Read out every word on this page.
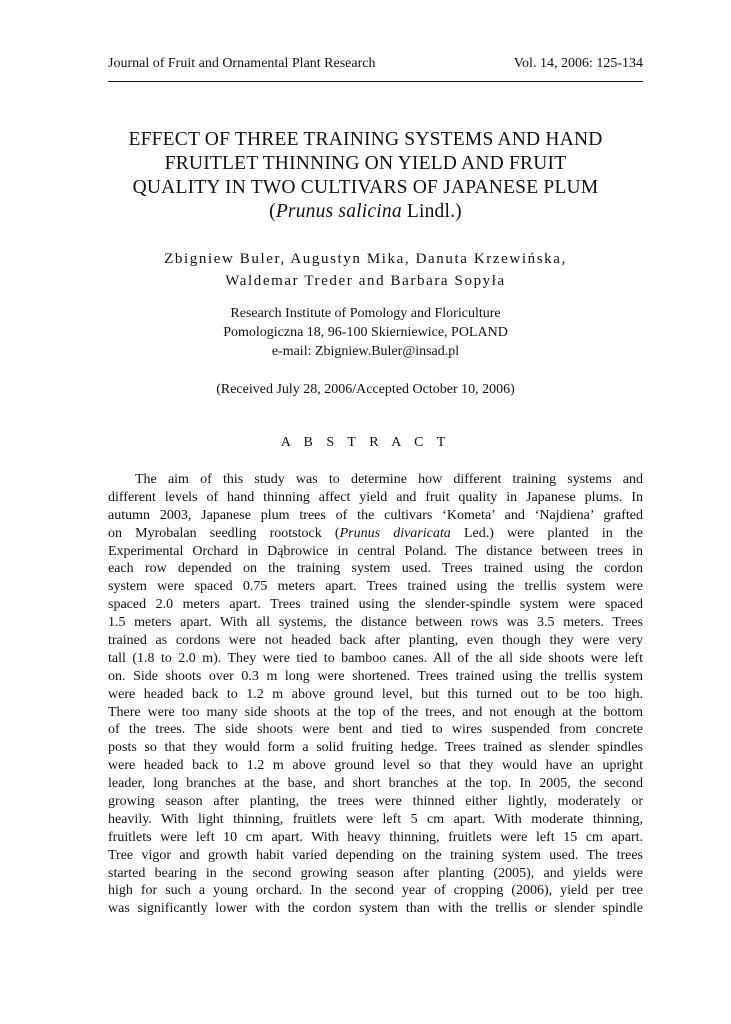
Journal of Fruit and Ornamental Plant Research	Vol. 14, 2006: 125-134
EFFECT OF THREE TRAINING SYSTEMS AND HAND
FRUITLET THINNING ON YIELD AND FRUIT
QUALITY IN TWO CULTIVARS OF JAPANESE PLUM
(Prunus salicina Lindl.)
Zbigniew Buler, Augustyn Mika, Danuta Krzewińska,
Waldemar Treder and Barbara Sopyła
Research Institute of Pomology and Floriculture
Pomologiczna 18, 96-100 Skierniewice, POLAND
e-mail: Zbigniew.Buler@insad.pl
(Received July 28, 2006/Accepted October 10, 2006)
A B S T R A C T
The aim of this study was to determine how different training systems and
different levels of hand thinning affect yield and fruit quality in Japanese plums. In
autumn 2003, Japanese plum trees of the cultivars ‘Kometa’ and ‘Najdiena’ grafted
on Myrobalan seedling rootstock (Prunus divaricata Led.) were planted in the
Experimental Orchard in Dąbrowice in central Poland. The distance between trees in
each row depended on the training system used. Trees trained using the cordon
system were spaced 0.75 meters apart. Trees trained using the trellis system were
spaced 2.0 meters apart. Trees trained using the slender-spindle system were spaced
1.5 meters apart. With all systems, the distance between rows was 3.5 meters. Trees
trained as cordons were not headed back after planting, even though they were very
tall (1.8 to 2.0 m). They were tied to bamboo canes. All of the all side shoots were left
on. Side shoots over 0.3 m long were shortened. Trees trained using the trellis system
were headed back to 1.2 m above ground level, but this turned out to be too high.
There were too many side shoots at the top of the trees, and not enough at the bottom
of the trees. The side shoots were bent and tied to wires suspended from concrete
posts so that they would form a solid fruiting hedge. Trees trained as slender spindles
were headed back to 1.2 m above ground level so that they would have an upright
leader, long branches at the base, and short branches at the top. In 2005, the second
growing season after planting, the trees were thinned either lightly, moderately or
heavily. With light thinning, fruitlets were left 5 cm apart. With moderate thinning,
fruitlets were left 10 cm apart. With heavy thinning, fruitlets were left 15 cm apart.
Tree vigor and growth habit varied depending on the training system used. The trees
started bearing in the second growing season after planting (2005), and yields were
high for such a young orchard. In the second year of cropping (2006), yield per tree
was significantly lower with the cordon system than with the trellis or slender spindle
